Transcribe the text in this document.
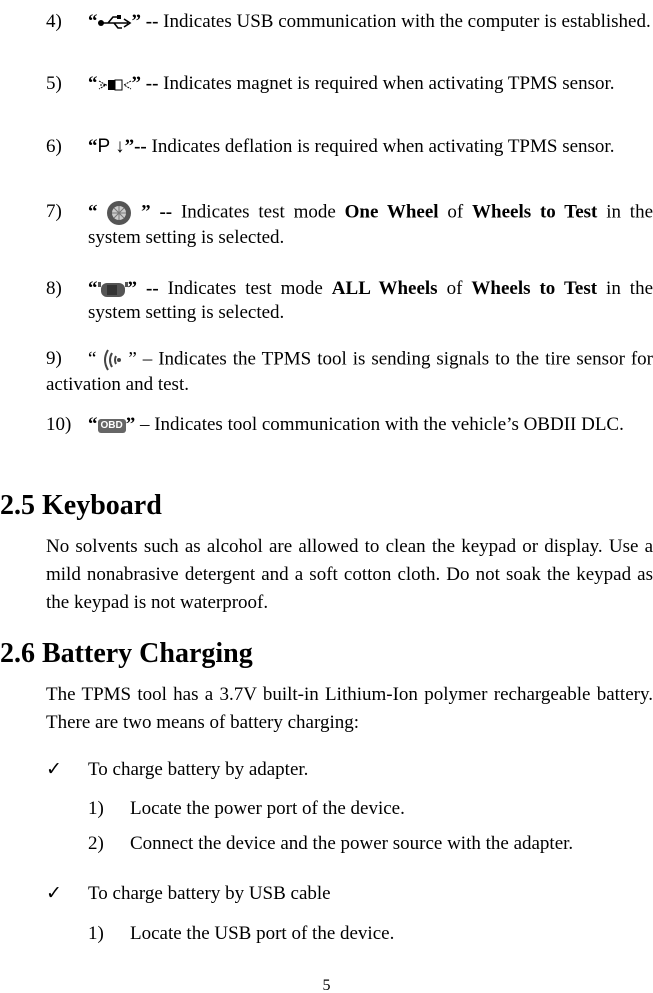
4) “ ” -- Indicates USB communication with the computer is established.
5) “ ” -- Indicates magnet is required when activating TPMS sensor.
6) “P ↓”-- Indicates deflation is required when activating TPMS sensor.
7) “ ” -- Indicates test mode One Wheel of Wheels to Test in the system setting is selected.
8) “ ” -- Indicates test mode ALL Wheels of Wheels to Test in the system setting is selected.
9)	“ ” – Indicates the TPMS tool is sending signals to the tire sensor for activation and test.
10) “ OBD ” – Indicates tool communication with the vehicle’s OBDII DLC.
2.5 Keyboard
No solvents such as alcohol are allowed to clean the keypad or display. Use a mild nonabrasive detergent and a soft cotton cloth. Do not soak the keypad as the keypad is not waterproof.
2.6 Battery Charging
The TPMS tool has a 3.7V built-in Lithium-Ion polymer rechargeable battery. There are two means of battery charging:
✓ To charge battery by adapter.
1) Locate the power port of the device.
2) Connect the device and the power source with the adapter.
✓ To charge battery by USB cable
1) Locate the USB port of the device.
5
